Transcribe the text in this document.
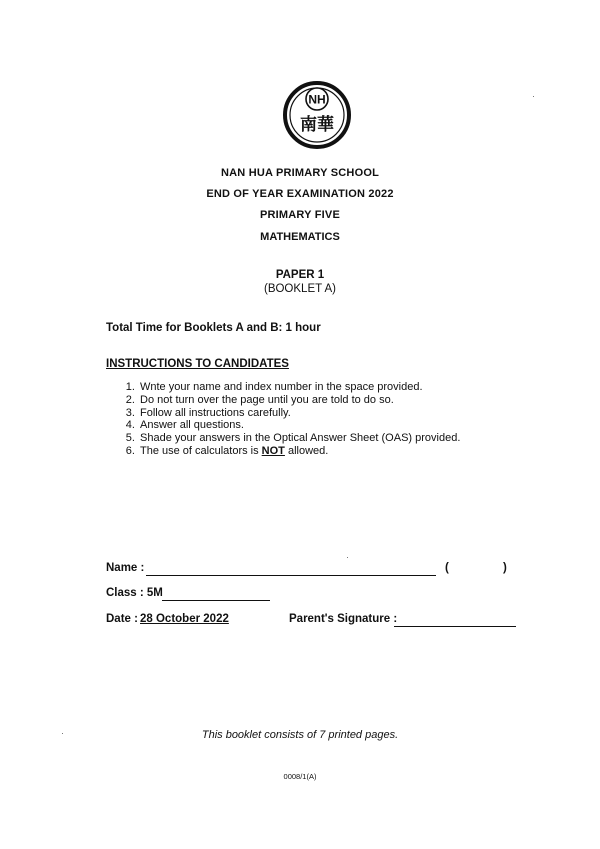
NH
南華
NAN HUA PRIMARY SCHOOL
END OF YEAR EXAMINATION 2022
PRIMARY FIVE
MATHEMATICS
PAPER 1
(BOOKLET A)
Total Time for Booklets A and B: 1 hour
INSTRUCTIONS TO CANDIDATES
1. Wnte your name and index number in the space provided.
2. Do not turn over the page until you are told to do so.
3. Follow all instructions carefully.
4. Answer all questions.
5. Shade your answers in the Optical Answer Sheet (OAS) provided.
6. The use of calculators is NOT allowed.
Name :	(	)
Class : 5M
Date : 28 October 2022	Parent's Signature :
This booklet consists of 7 printed pages.
0008/1(A)
